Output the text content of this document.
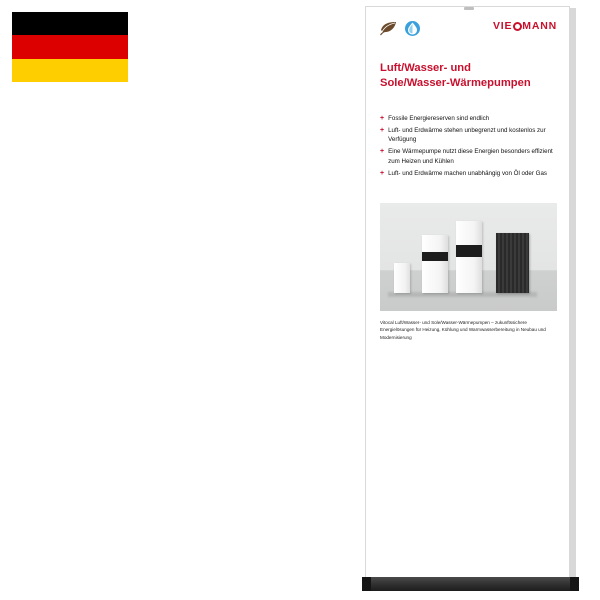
VIE MANN
Luft/Wasser- und
Sole/Wasser-Wärmepumpen
+ Fossile Energiereserven sind endlich
+ Luft- und Erdwärme stehen unbegrenzt und kostenlos zur Verfügung
+ Eine Wärmepumpe nutzt diese Energien besonders effizient zum Heizen und Kühlen
+ Luft- und Erdwärme machen unabhängig von Öl oder Gas
Vitocal Luft/Wasser- und Sole/Wasser-Wärmepumpen – zukunftssichere Energielösungen für Heizung, Kühlung und Warmwasserbereitung in Neubau und Modernisierung
